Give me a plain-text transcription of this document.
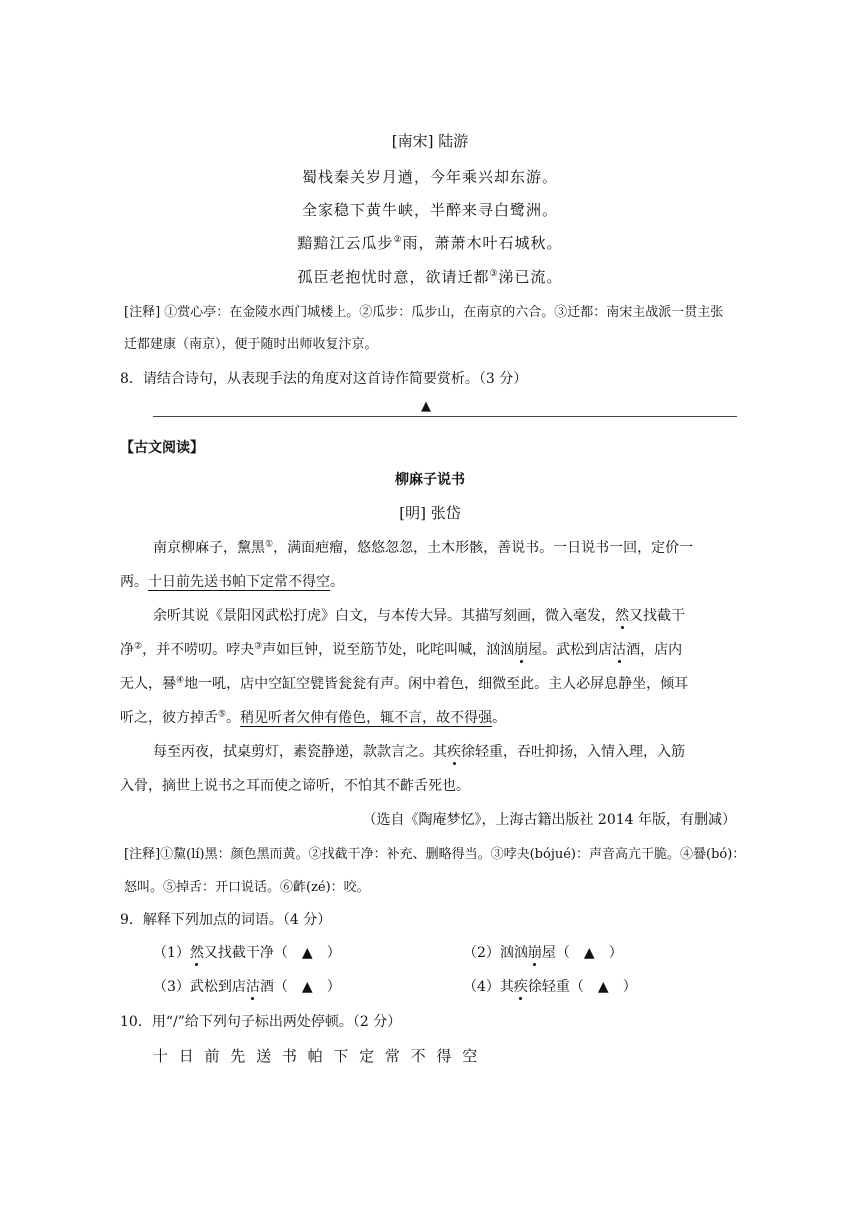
[南宋] 陆游
蜀栈秦关岁月遒，今年乘兴却东游。
全家稳下黄牛峡，半醉来寻白鹭洲。
黯黯江云瓜步②雨，萧萧木叶石城秋。
孤臣老抱忧时意，欲请迁都③涕已流。
[注释] ①赏心亭：在金陵水西门城楼上。②瓜步：瓜步山，在南京的六合。③迁都：南宋主战派一贯主张
迁都建康（南京），便于随时出师收复汴京。
8．请结合诗句，从表现手法的角度对这首诗作简要赏析。（3 分）
▲
【古文阅读】
柳麻子说书
[明] 张岱
南京柳麻子，黧黑①，满面疤瘤，悠悠忽忽，土木形骸，善说书。一日说书一回，定价一
两。十日前先送书帕下定常不得空。
余听其说《景阳冈武松打虎》白文，与本传大异。其描写刻画，微入毫发，然又找截干
净②，并不唠叨。哱夬③声如巨钟，说至筋节处，叱咤叫喊，汹汹崩屋。武松到店沽酒，店内
无人，謈④地一吼，店中空缸空甓皆瓮瓮有声。闲中着色，细微至此。主人必屏息静坐，倾耳
听之，彼方掉舌⑤。稍见听者欠伸有倦色，辄不言，故不得强。
每至丙夜，拭桌剪灯，素瓷静递，款款言之。其疾徐轻重，吞吐抑扬，入情入理，入筋
入骨，摘世上说书之耳而使之谛听，不怕其不齚舌死也。
（选自《陶庵梦忆》，上海古籍出版社 2014 年版，有删减）
[注释]①黧(lí)黑：颜色黑而黄。②找截干净：补充、删略得当。③哱夬(bójué)：声音高亢干脆。④謈(bó)：
怒叫。⑤掉舌：开口说话。⑥齚(zé)：咬。
9．解释下列加点的词语。（4 分）
（1）然又找截干净（ ▲ ）	（2）汹汹崩屋（ ▲ ）
（3）武松到店沽酒（ ▲ ）	（4）其疾徐轻重（ ▲ ）
10．用“/”给下列句子标出两处停顿。（2 分）
十 日 前 先 送 书 帕 下 定 常 不 得 空
